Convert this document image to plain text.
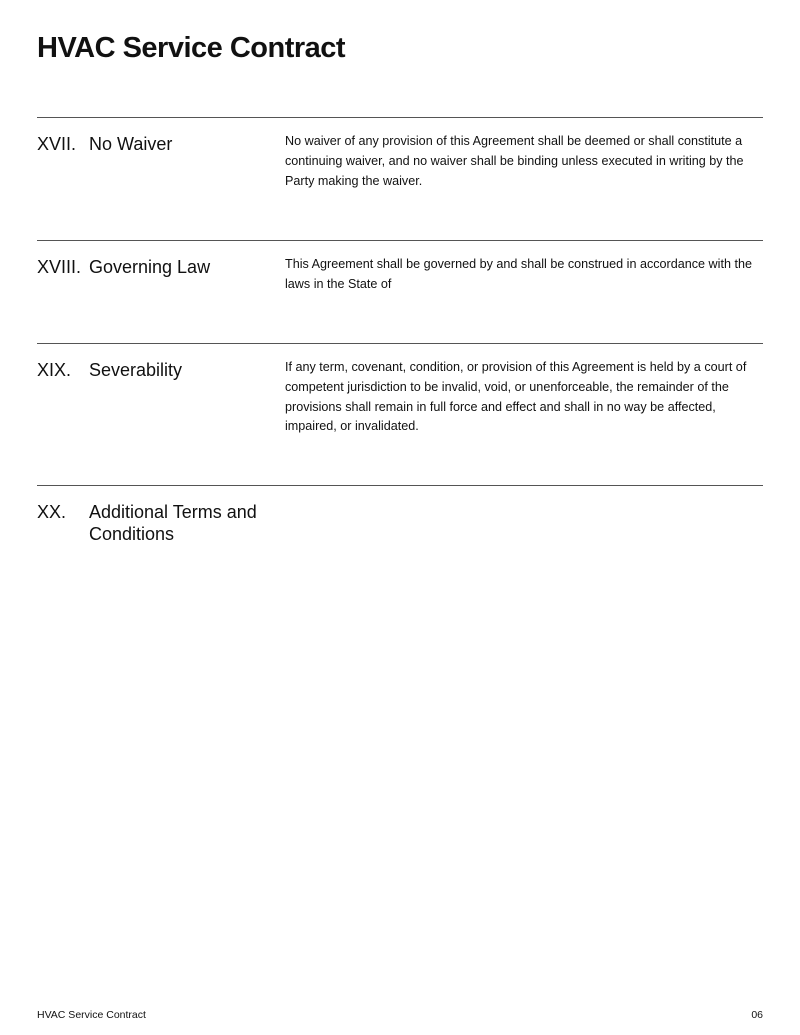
HVAC Service Contract
XVII. No Waiver	No waiver of any provision of this Agreement shall be deemed or shall constitute a continuing waiver, and no waiver shall be binding unless executed in writing by the Party making the waiver.

XVIII. Governing Law	This Agreement shall be governed by and shall be construed in accordance with the laws in the State of

XIX. Severability	If any term, covenant, condition, or provision of this Agreement is held by a court of competent jurisdiction to be invalid, void, or unenforceable, the remainder of the provisions shall remain in full force and effect and shall in no way be affected, impaired, or invalidated.

XX. Additional Terms and Conditions

HVAC Service Contract	06
